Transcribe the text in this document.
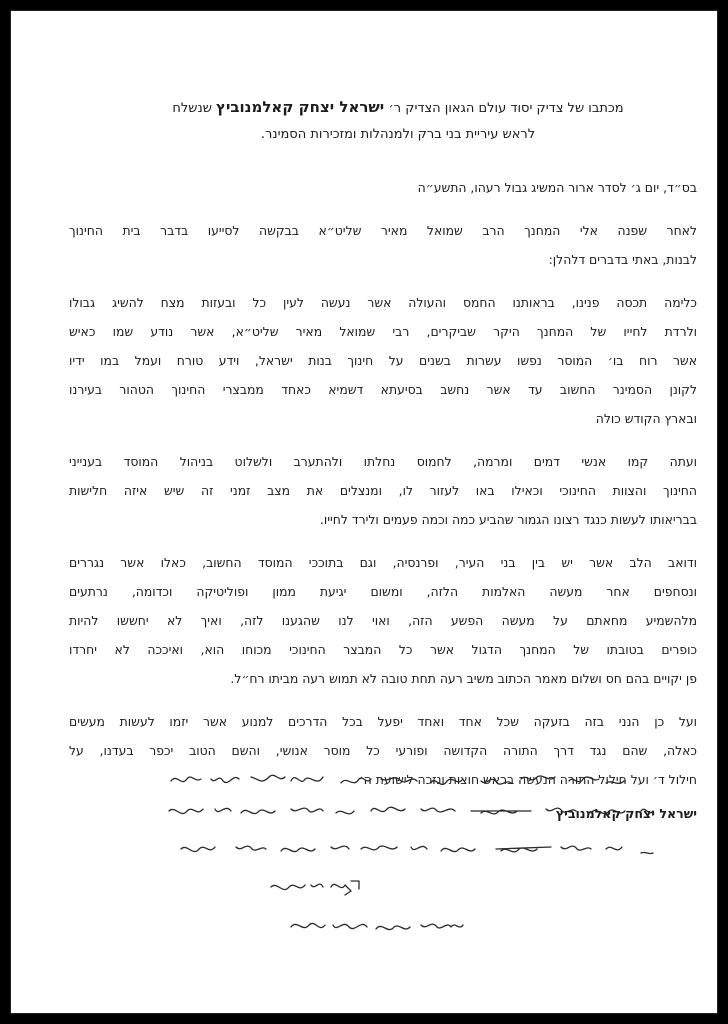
מכתבו של צדיק יסוד עולם הגאון הצדיק ר׳ ישראל יצחק קאלמנוביץ שנשלח
לראש עיריית בני ברק ולמנהלות ומזכירות הסמינר.
בס״ד, יום ג׳ לסדר ארור המשיג גבול רעהו, התשע״ה
לאחר שפנה אלי המחנך הרב שמואל מאיר שליט״א בבקשה לסייעו בדבר בית החינוך
לבנות, באתי בדברים דלהלן:
כלימה תכסה פנינו, בראותנו החמס והעולה אשר נעשה לעין כל ובעזות מצח להשיג גבולו
ולרדת לחייו של המחנך היקר שביקרים, רבי שמואל מאיר שליט״א, אשר נודע שמו כאיש
אשר רוח בו׳ המוסר נפשו עשרות בשנים על חינוך בנות ישראל, וידע טורח ועמל במו ידיו
לקונן הסמינר החשוב עד אשר נחשב בסיעתא דשמיא כאחד ממבצרי החינוך הטהור בעירנו
ובארץ הקודש כולה
ועתה קמו אנשי דמים ומרמה, לחמוס נחלתו ולהתערב ולשלוט בניהול המוסד בענייני
החינוך והצוות החינוכי וכאילו באו לעזור לו, ומנצלים את מצב זמני זה שיש איזה חלישות
בבריאותו לעשות כנגד רצונו הגמור שהביע כמה וכמה פעמים ולירד לחייו.
ודואב הלב אשר יש בין בני העיר, ופרנסיה, וגם בתוככי המוסד החשוב, כאלו אשר נגררים
ונסחפים אחר מעשה האלמות הלזה, ומשום יגיעת ממון ופוליטיקה וכדומה, נרתעים
מלהשמיע מחאתם על מעשה הפשע הזה, ואוי לנו שהגענו לזה, ואיך לא יחששו להיות
כופרים בטובתו של המחנך הדגול אשר כל המבצר החינוכי מכוחו הוא, ואיככה לא יחרדו
פן יקויים בהם חס ושלום מאמר הכתוב משיב רעה תחת טובה לא תמוש רעה מביתו רח״ל.
ועל כן הנני בזה בזעקה שכל אחד ואחד יפעל בכל הדרכים למנוע אשר יזמו לעשות מעשים
כאלה, שהם נגד דרך התורה הקדושה ופורעי כל מוסר אנושי, והשם הטוב יכפר בעדנו, על
חילול ד׳ ועל חילול התורה הנעשה בראש חוצות ונזכה לישועת ה׳
ישראל יצחק קאלמנוביץ
